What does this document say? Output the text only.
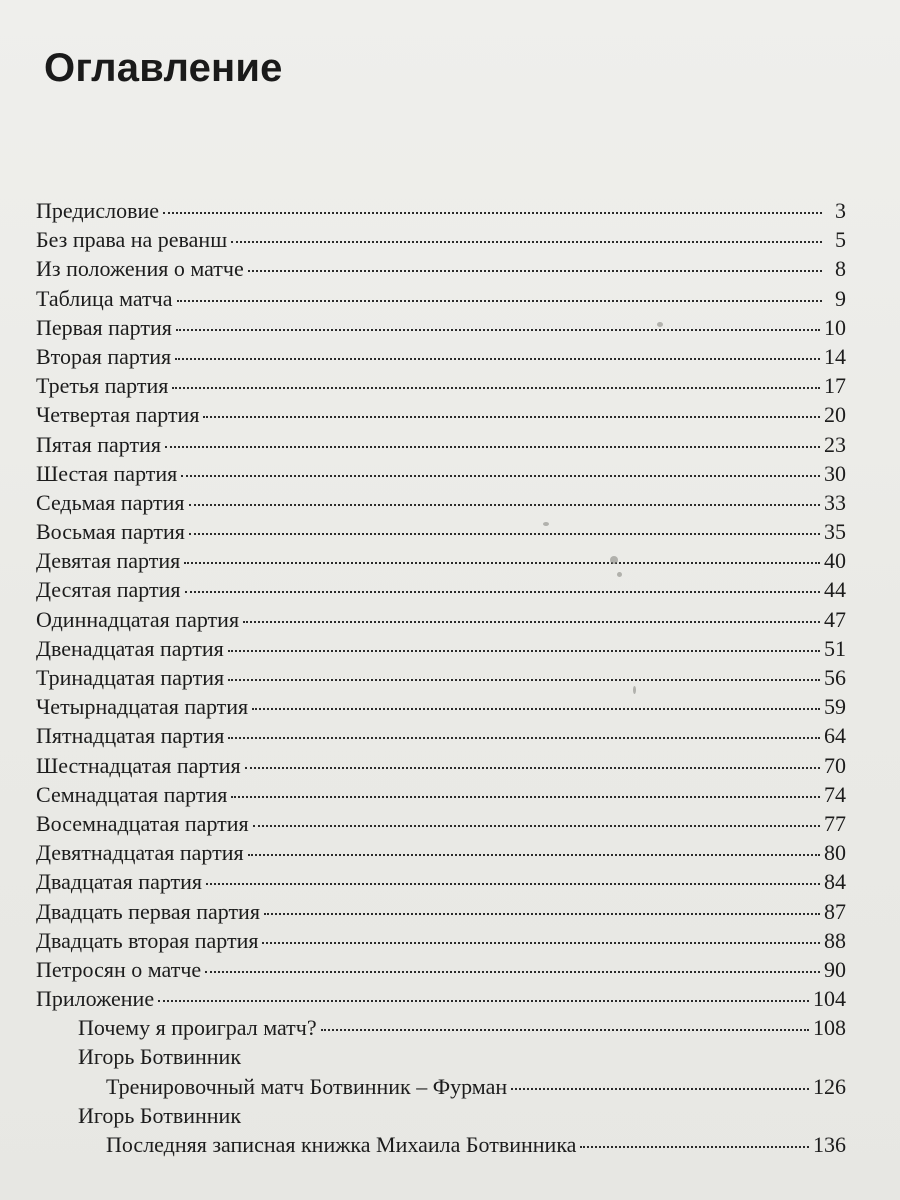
Оглавление
Предисловие	3
Без права на реванш	5
Из положения о матче	8
Таблица матча	9
Первая партия	10
Вторая партия	14
Третья партия	17
Четвертая партия	20
Пятая партия	23
Шестая партия	30
Седьмая партия	33
Восьмая партия	35
Девятая партия	40
Десятая партия	44
Одиннадцатая партия	47
Двенадцатая партия	51
Тринадцатая партия	56
Четырнадцатая партия	59
Пятнадцатая партия	64
Шестнадцатая партия	70
Семнадцатая партия	74
Восемнадцатая партия	77
Девятнадцатая партия	80
Двадцатая партия	84
Двадцать первая партия	87
Двадцать вторая партия	88
Петросян о матче	90
Приложение	104
Почему я проиграл матч?	108
Игорь Ботвинник
Тренировочный матч Ботвинник – Фурман	126
Игорь Ботвинник
Последняя записная книжка Михаила Ботвинника	136
